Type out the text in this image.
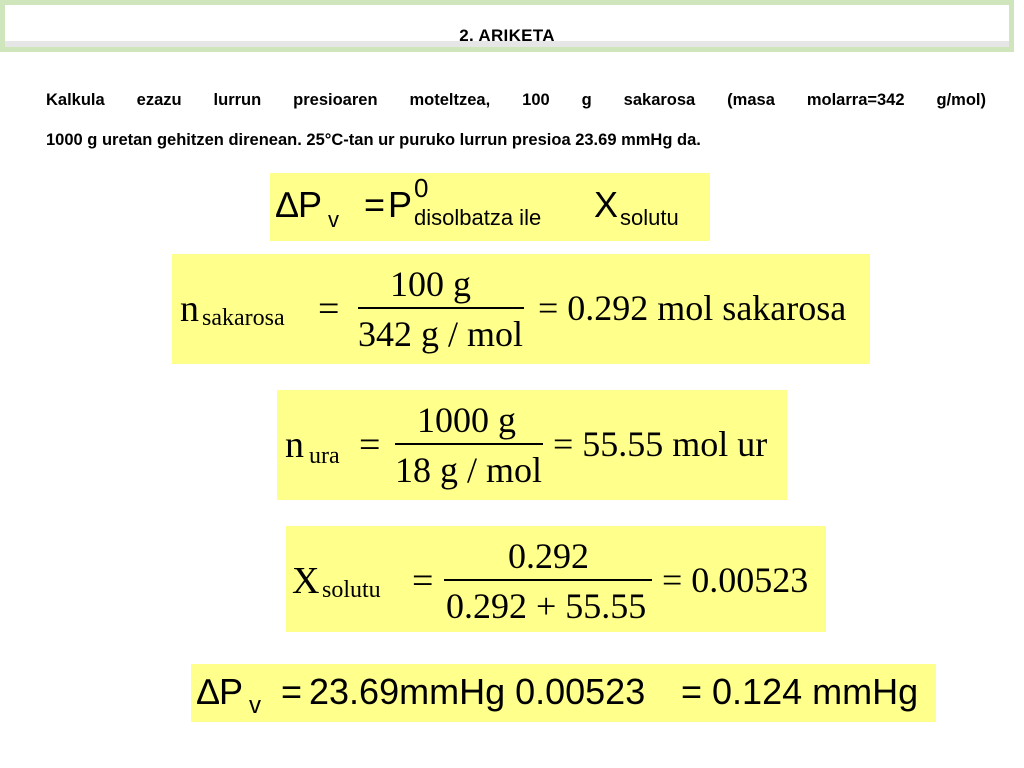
2. ARIKETA
Kalkula ezazu lurrun presioaren moteltzea, 100 g sakarosa (masa molarra=342 g/mol)
1000 g uretan gehitzen direnean. 25°C-tan ur puruko lurrun presioa 23.69 mmHg da.
∆P v = P 0
disolbatza ile X solutu
n sakarosa =
100 g
342 g / mol
= 0.292 mol sakarosa
n ura =
1000 g
18 g / mol
= 55.55 mol ur
X solutu =
0.292
0.292 + 55.55
= 0.00523
∆P v = 23.69mmHg 0.00523 = 0.124 mmHg
